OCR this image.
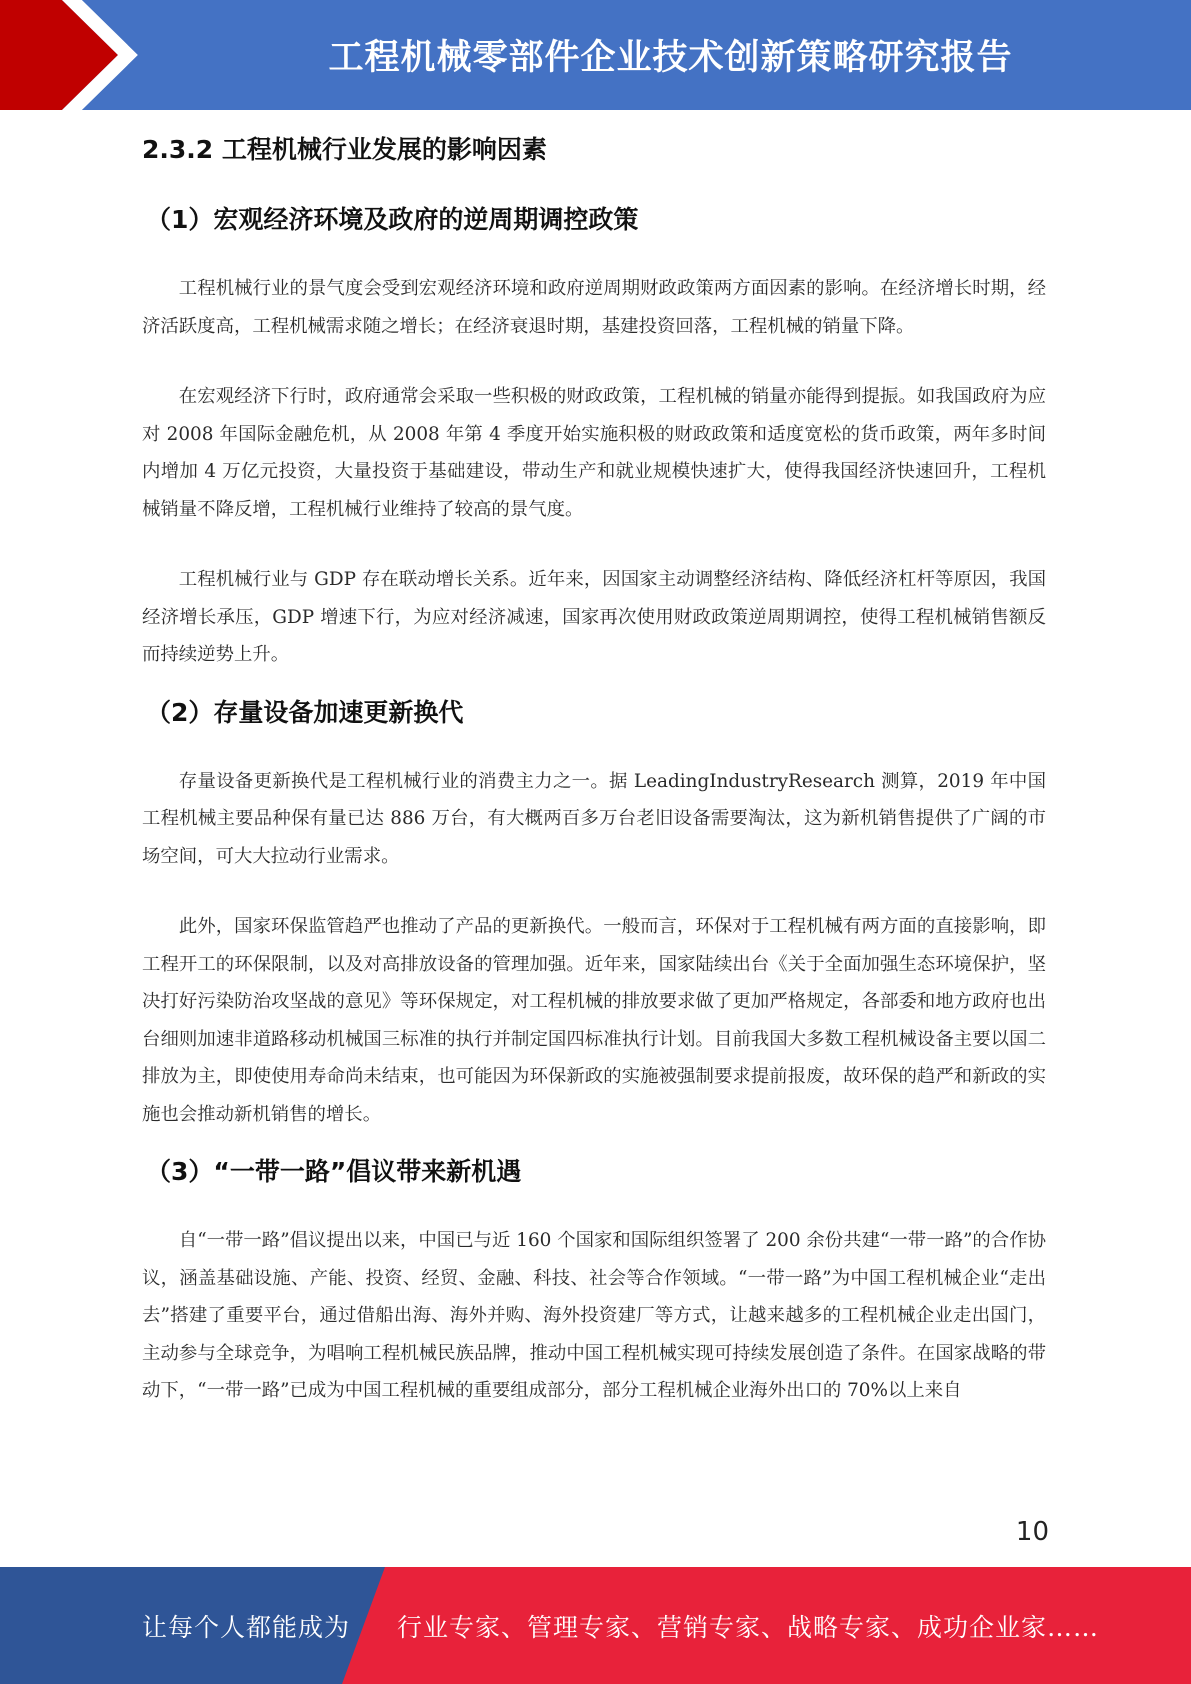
工程机械零部件企业技术创新策略研究报告
2.3.2 工程机械行业发展的影响因素
（1）宏观经济环境及政府的逆周期调控政策

工程机械行业的景气度会受到宏观经济环境和政府逆周期财政政策两方面因素的影响。在经济增长时期，经济活跃度高，工程机械需求随之增长；在经济衰退时期，基建投资回落，工程机械的销量下降。

在宏观经济下行时，政府通常会采取一些积极的财政政策，工程机械的销量亦能得到提振。如我国政府为应对 2008 年国际金融危机，从 2008 年第 4 季度开始实施积极的财政政策和适度宽松的货币政策，两年多时间内增加 4 万亿元投资，大量投资于基础建设，带动生产和就业规模快速扩大，使得我国经济快速回升，工程机械销量不降反增，工程机械行业维持了较高的景气度。

工程机械行业与 GDP 存在联动增长关系。近年来，因国家主动调整经济结构、降低经济杠杆等原因，我国经济增长承压，GDP 增速下行，为应对经济减速，国家再次使用财政政策逆周期调控，使得工程机械销售额反而持续逆势上升。

（2）存量设备加速更新换代

存量设备更新换代是工程机械行业的消费主力之一。据 LeadingIndustryResearch 测算，2019 年中国工程机械主要品种保有量已达 886 万台，有大概两百多万台老旧设备需要淘汰，这为新机销售提供了广阔的市场空间，可大大拉动行业需求。

此外，国家环保监管趋严也推动了产品的更新换代。一般而言，环保对于工程机械有两方面的直接影响，即工程开工的环保限制，以及对高排放设备的管理加强。近年来，国家陆续出台《关于全面加强生态环境保护，坚决打好污染防治攻坚战的意见》等环保规定，对工程机械的排放要求做了更加严格规定，各部委和地方政府也出台细则加速非道路移动机械国三标准的执行并制定国四标准执行计划。目前我国大多数工程机械设备主要以国二排放为主，即使使用寿命尚未结束，也可能因为环保新政的实施被强制要求提前报废，故环保的趋严和新政的实施也会推动新机销售的增长。

（3）“一带一路”倡议带来新机遇

自“一带一路”倡议提出以来，中国已与近 160 个国家和国际组织签署了 200 余份共建“一带一路”的合作协议，涵盖基础设施、产能、投资、经贸、金融、科技、社会等合作领域。“一带一路”为中国工程机械企业“走出去”搭建了重要平台，通过借船出海、海外并购、海外投资建厂等方式，让越来越多的工程机械企业走出国门，主动参与全球竞争，为唱响工程机械民族品牌，推动中国工程机械实现可持续发展创造了条件。在国家战略的带动下，“一带一路”已成为中国工程机械的重要组成部分，部分工程机械企业海外出口的 70%以上来自

10
让每个人都能成为 行业专家、管理专家、营销专家、战略专家、成功企业家……
